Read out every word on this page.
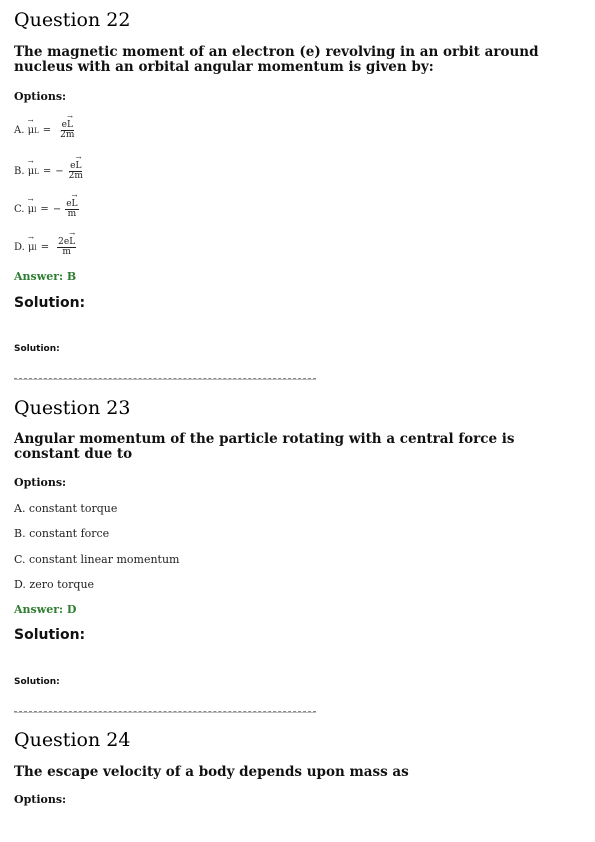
Question 22
The magnetic moment of an electron (e) revolving in an orbit around
nucleus with an orbital angular momentum is given by:
Options:
A.
→ μ $L = \frac{e\to L}{2m}$
B.
→ μ L = − $\frac{e\to L}{2m}$
C.
→ μ l = − $\frac{e\to L}{m}$
D.
→ μ $l = \frac{2e\to L}{m}$
Answer: B
Solution:
Solution:
Question 23
Angular momentum of the particle rotating with a central force is
constant due to
Options:
A. constant torque
B. constant force
C. constant linear momentum
D. zero torque
Answer: D
Solution:
Solution:
Question 24
The escape velocity of a body depends upon mass as
Options:
